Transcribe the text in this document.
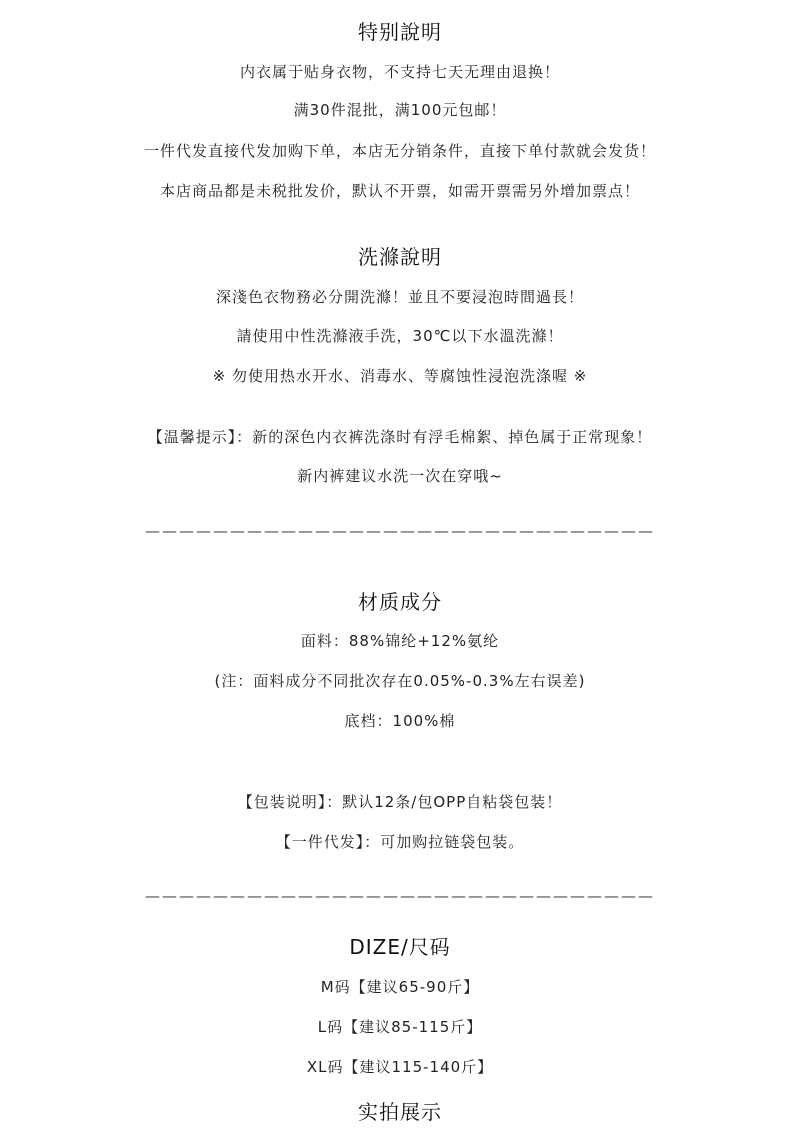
特别說明
内衣属于贴身衣物，不支持七天无理由退换！
满30件混批，满100元包邮！
一件代发直接代发加购下单，本店无分销条件，直接下单付款就会发货！
本店商品都是未税批发价，默认不开票，如需开票需另外增加票点！
洗滌說明
深淺色衣物務必分開洗滌！並且不要浸泡時間過長！
請使用中性洗滌液手洗，30℃以下水溫洗滌！
※ 勿使用热水开水、消毒水、等腐蚀性浸泡洗涤喔 ※
【温馨提示】：新的深色内衣裤洗涤时有浮毛棉絮、掉色属于正常现象！
新内裤建议水洗一次在穿哦~
——————————————————————————————
材质成分
面料：88%锦纶+12%氨纶
(注：面料成分不同批次存在0.05%-0.3%左右误差)
底档：100%棉
【包装说明】：默认12条/包OPP自粘袋包装！
【一件代发】：可加购拉链袋包装。
——————————————————————————————
DIZE/尺码
M码【建议65-90斤】
L码【建议85-115斤】
XL码【建议115-140斤】
实拍展示
